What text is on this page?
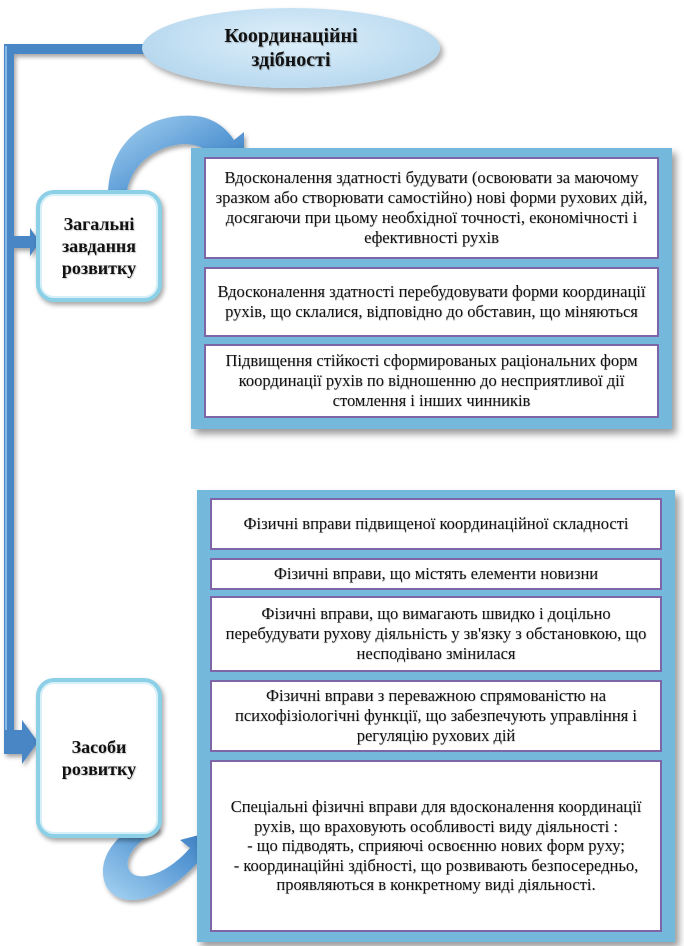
Координаційні
здібності
Загальні завдання розвитку
Засоби розвитку
Вдосконалення здатності будувати (освоювати за маючому зразком або створювати самостійно) нові форми рухових дій, досягаючи при цьому необхідної точності, економічності і ефективності рухів
Вдосконалення здатності перебудовувати форми координації рухів, що склалися, відповідно до обставин, що міняються
Підвищення стійкості сформированых раціональних форм координації рухів по відношенню до несприятливої дії стомлення і інших чинників
Фізичні вправи підвищеної координаційної складності
Фізичні вправи, що містять елементи новизни
Фізичні вправи, що вимагають швидко і доцільно перебудувати рухову діяльність у зв'язку з обстановкою, що несподівано змінилася
Фізичні вправи з переважною спрямованістю на психофізіологічні функції, що забезпечують управління і регуляцію рухових дій
Спеціальні фізичні вправи для вдосконалення координації рухів, що враховують особливості виду діяльності :
- що підводять, сприяючі освоєнню нових форм руху;
- координаційні здібності, що розвивають безпосередньо, проявляються в конкретному виді діяльності.
